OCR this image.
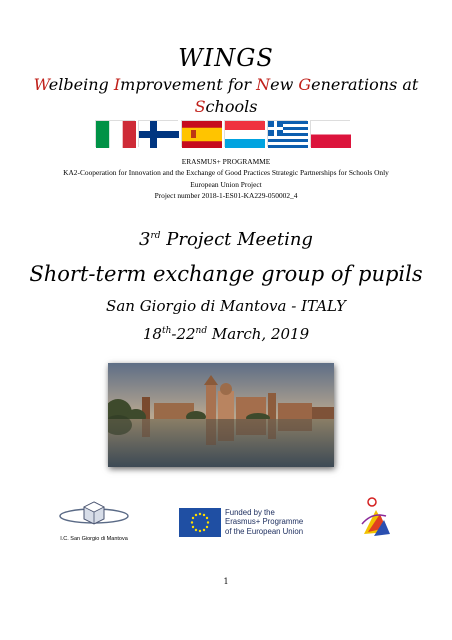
WINGS
Welbeing Improvement for New Generations at
Schools
ERASMUS+ PROGRAMME
KA2-Cooperation for Innovation and the Exchange of Good Practices Strategic Partnerships for Schools Only
European Union Project
Project number 2018-1-ES01-KA229-050002_4
3rd Project Meeting
Short-term exchange group of pupils
San Giorgio di Mantova - ITALY
18th-22nd March, 2019
I.C. San Giorgio di Mantova
Funded by the
Erasmus+ Programme
of the European Union
1
